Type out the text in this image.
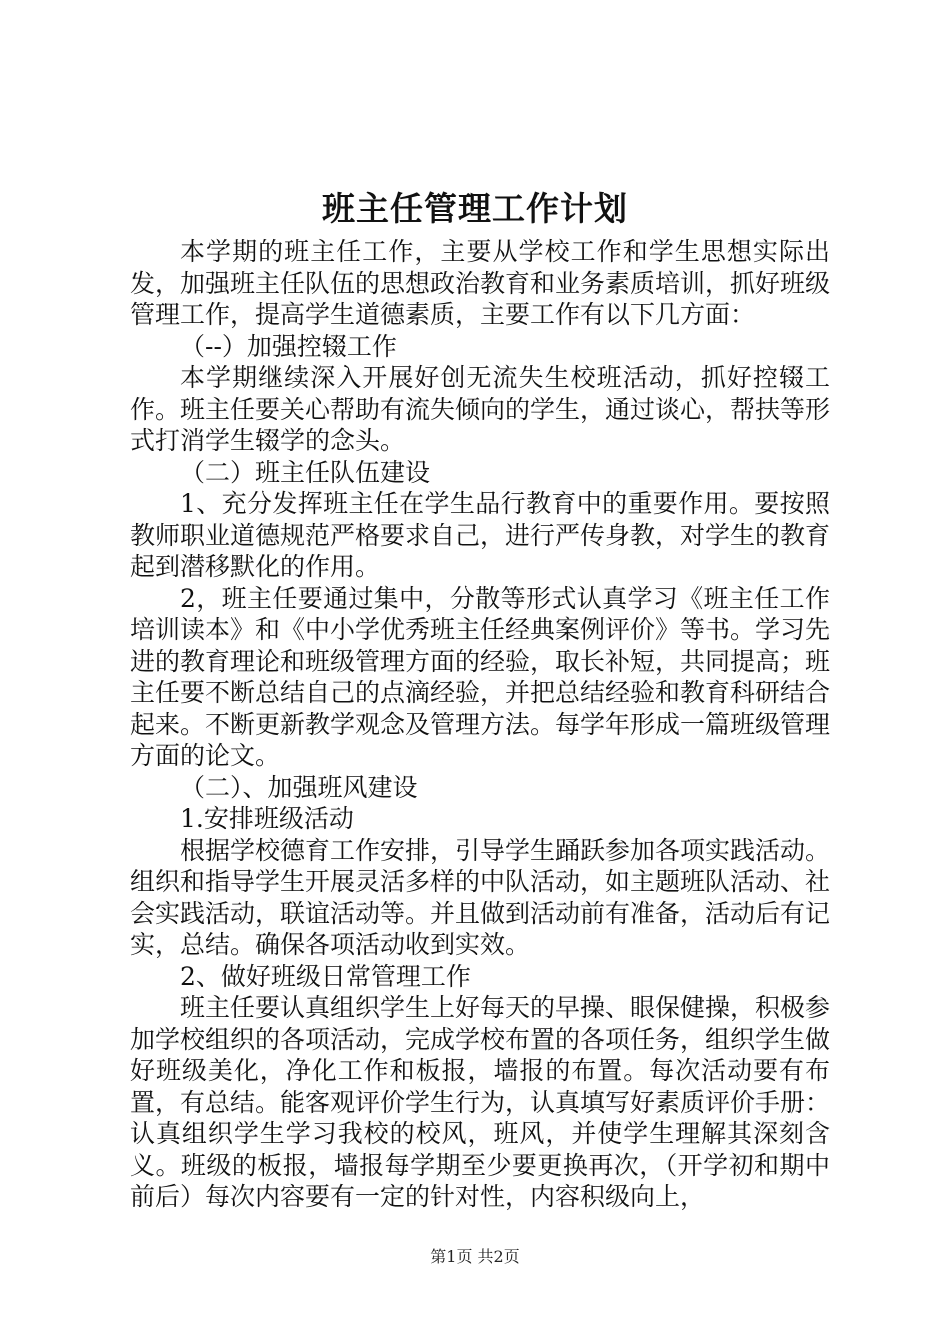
班主任管理工作计划

本学期的班主任工作，主要从学校工作和学生思想实际出发，加强班主任队伍的思想政治教育和业务素质培训，抓好班级管理工作，提高学生道德素质，主要工作有以下几方面：

（--）加强控辍工作

本学期继续深入开展好创无流失生校班活动，抓好控辍工作。班主任要关心帮助有流失倾向的学生，通过谈心，帮扶等形式打消学生辍学的念头。

（二）班主任队伍建设

1、充分发挥班主任在学生品行教育中的重要作用。要按照教师职业道德规范严格要求自己，进行严传身教，对学生的教育起到潜移默化的作用。

2，班主任要通过集中，分散等形式认真学习《班主任工作培训读本》和《中小学优秀班主任经典案例评价》等书。学习先进的教育理论和班级管理方面的经验，取长补短，共同提高；班主任要不断总结自己的点滴经验，并把总结经验和教育科研结合起来。不断更新教学观念及管理方法。每学年形成一篇班级管理方面的论文。

（二）、加强班风建设

1.安排班级活动

根据学校德育工作安排，引导学生踊跃参加各项实践活动。组织和指导学生开展灵活多样的中队活动，如主题班队活动、社会实践活动，联谊活动等。并且做到活动前有准备，活动后有记实，总结。确保各项活动收到实效。

2、做好班级日常管理工作

班主任要认真组织学生上好每天的早操、眼保健操，积极参加学校组织的各项活动，完成学校布置的各项任务，组织学生做好班级美化，净化工作和板报，墙报的布置。每次活动要有布置，有总结。能客观评价学生行为，认真填写好素质评价手册：认真组织学生学习我校的校风，班风，并使学生理解其深刻含义。班级的板报，墙报每学期至少要更换再次，（开学初和期中前后）每次内容要有一定的针对性，内容积级向上，

第1页 共2页
